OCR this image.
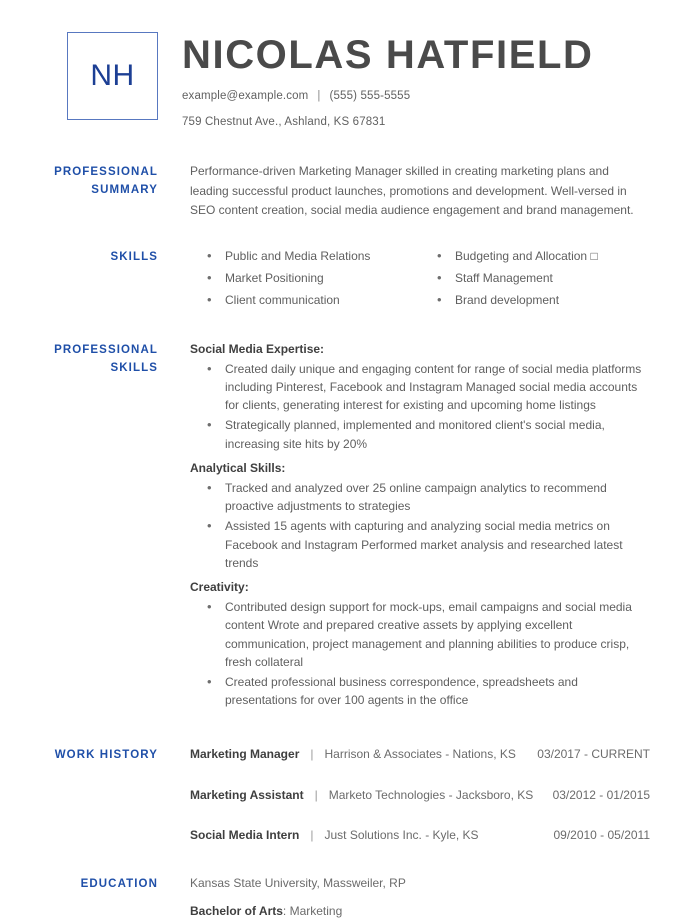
NH NICOLAS HATFIELD

example@example.com | (555) 555-5555

759 Chestnut Ave., Ashland, KS 67831

PROFESSIONAL
SUMMARY

Performance-driven Marketing Manager skilled in creating marketing plans and leading successful product launches, promotions and development. Well-versed in SEO content creation, social media audience engagement and brand management.

SKILLS	• Public and Media Relations
• Market Positioning
• Client communication
• Budgeting and Allocation □
• Staff Management
• Brand development
PROFESSIONAL
SKILLS

Social Media Expertise:

• Created daily unique and engaging content for range of social media platforms including Pinterest, Facebook and Instagram Managed social media accounts for clients, generating interest for existing and upcoming home listings
• Strategically planned, implemented and monitored client's social media, increasing site hits by 20%

Analytical Skills:

• Tracked and analyzed over 25 online campaign analytics to recommend proactive adjustments to strategies
• Assisted 15 agents with capturing and analyzing social media metrics on Facebook and Instagram Performed market analysis and researched latest trends

Creativity:

• Contributed design support for mock-ups, email campaigns and social media content Wrote and prepared creative assets by applying excellent communication, project management and planning abilities to produce crisp, fresh collateral
• Created professional business correspondence, spreadsheets and presentations for over 100 agents in the office
WORK HISTORY	Marketing Manager | Harrison & Associates - Nations, KS	03/2017 - CURRENT
Marketing Assistant | Marketo Technologies - Jacksboro, KS	03/2012 - 01/2015
Social Media Intern | Just Solutions Inc. - Kyle, KS	09/2010 - 05/2011
EDUCATION	Kansas State University, Massweiler, RP

Bachelor of Arts: Marketing
